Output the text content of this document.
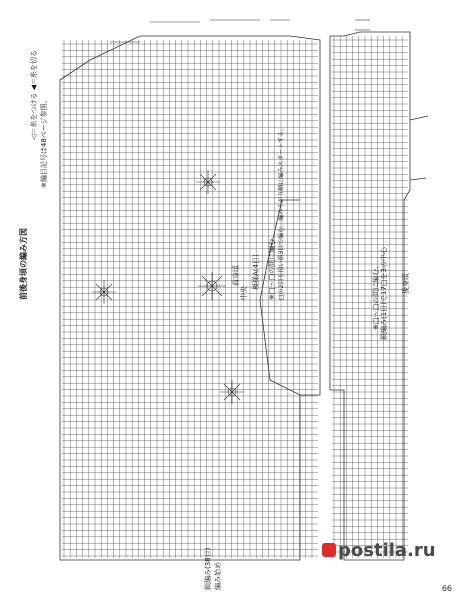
前後身頃の編み方図
◁＝糸をつける ◀＝糸を切る
※編目記号は48ページ参照。
前身頃 模様A(4目)
中央	※□〜□の間に編む □の2目を拾い鎖3目で編む。編み下がり順に編みスタートする。
鎖編み(38目) 編み始め
後身頃
鎖編み(1目)で17□を3の中心
※□〜□の間に編む。
66
postila.ru
